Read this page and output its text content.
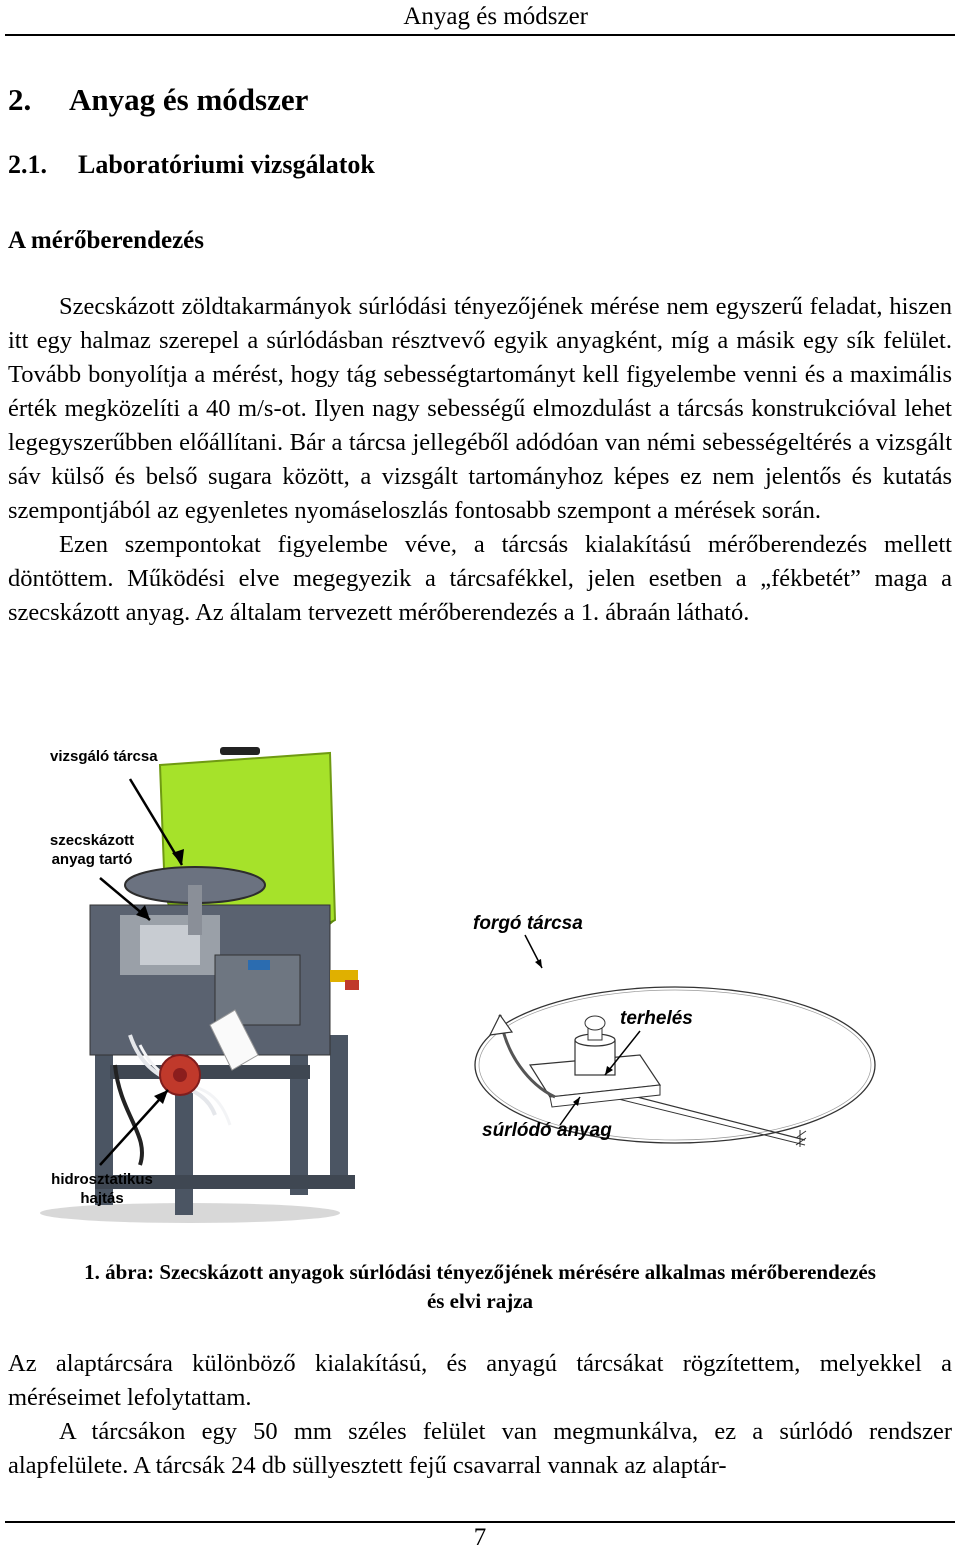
Anyag és módszer
2. Anyag és módszer
2.1. Laboratóriumi vizsgálatok
A mérőberendezés

Szecskázott zöldtakarmányok súrlódási tényezőjének mérése nem egyszerű feladat, hiszen itt egy halmaz szerepel a súrlódásban résztvevő egyik anyagként, míg a másik egy sík felület. Tovább bonyolítja a mérést, hogy tág sebességtartományt kell figyelembe venni és a maximális érték megközelíti a 40 m/s-ot. Ilyen nagy sebességű elmozdulást a tárcsás konstrukcióval lehet legegyszerűbben előállítani. Bár a tárcsa jellegéből adódóan van némi sebességeltérés a vizsgált sáv külső és belső sugara között, a vizsgált tartományhoz képes ez nem jelentős és kutatás szempontjából az egyenletes nyomáseloszlás fontosabb szempont a mérések során.

Ezen szempontokat figyelembe véve, a tárcsás kialakítású mérőberendezés mellett döntöttem. Működési elve megegyezik a tárcsafékkel, jelen esetben a „fékbetét” maga a szecskázott anyag. Az általam tervezett mérőberendezés a 1. ábraán látható.

vizsgáló tárcsa
szecskázott
anyag tartó
hidrosztatikus
hajtás
forgó tárcsa
terhelés
súrlódó anyag
1. ábra: Szecskázott anyagok súrlódási tényezőjének mérésére alkalmas mérőberendezés
és elvi rajza

Az alaptárcsára különböző kialakítású, és anyagú tárcsákat rögzítettem, melyekkel a méréseimet lefolytattam.

A tárcsákon egy 50 mm széles felület van megmunkálva, ez a súrlódó rendszer alapfelülete. A tárcsák 24 db süllyesztett fejű csavarral vannak az alaptár-

7
